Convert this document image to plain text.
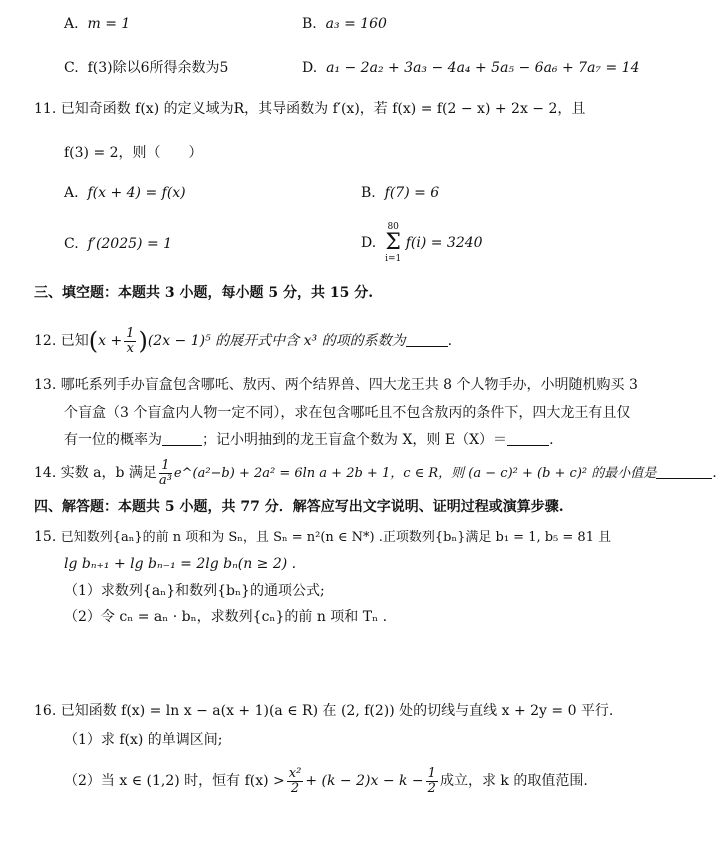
A. m = 1	B. a₃ = 160
C. f(3)除以6所得余数为5	D. a₁ − 2a₂ + 3a₃ − 4a₄ + 5a₅ − 6a₆ + 7a₇ = 14
11. 已知奇函数 f(x) 的定义域为R，其导函数为 f′(x)，若 f(x) = f(2 − x) + 2x − 2，且
f(3) = 2，则（　　）
A. f(x + 4) = f(x)	B. f(7) = 6
C. f′(2025) = 1	D.
80
Σ
i=1
f(i) = 3240
三、填空题：本题共 3 小题，每小题 5 分，共 15 分.
12. 已知$(x + \frac{1}{x} )(2x - 1)^5$ 的展开式中含 x³ 的项的系数为	.
13. 哪吒系列手办盲盒包含哪吒、敖丙、两个结界兽、四大龙王共 8 个人物手办，小明随机购买 3
个盲盒（3 个盲盒内人物一定不同），求在包含哪吒且不包含敖丙的条件下，四大龙王有且仅
有一位的概率为	；记小明抽到的龙王盲盒个数为 X，则 E（X）＝	.
14. 实数 a，b 满足 $\frac{1}{\text{a³}}$ e^(a²−b) + 2a² = 6ln a + 2b + 1，c ∈ R，则 (a − c)² + (b + c)² 的最小值是	.
四、解答题：本题共 5 小题，共 77 分．解答应写出文字说明、证明过程或演算步骤.
15. 已知数列{aₙ}的前 n 项和为 Sₙ，且 Sₙ = n²(n ∈ N*) .正项数列{bₙ}满足 b₁ = 1, b₅ = 81 且
lg bₙ₊₁ + lg bₙ₋₁ = 2lg bₙ(n ≥ 2) .
（1）求数列{aₙ}和数列{bₙ}的通项公式;
（2）令 cₙ = aₙ · bₙ，求数列{cₙ}的前 n 项和 Tₙ .
16. 已知函数 f(x) = ln x − a(x + 1)(a ∈ R) 在 (2, f(2)) 处的切线与直线 x + 2y = 0 平行.
（1）求 f(x) 的单调区间;
（2）当 x ∈ (1,2) 时，恒有 $f(x) > \frac{\text{x²}}{2} + (k - 2)x - k - \frac{1}{2}$ 成立，求 k 的取值范围.
